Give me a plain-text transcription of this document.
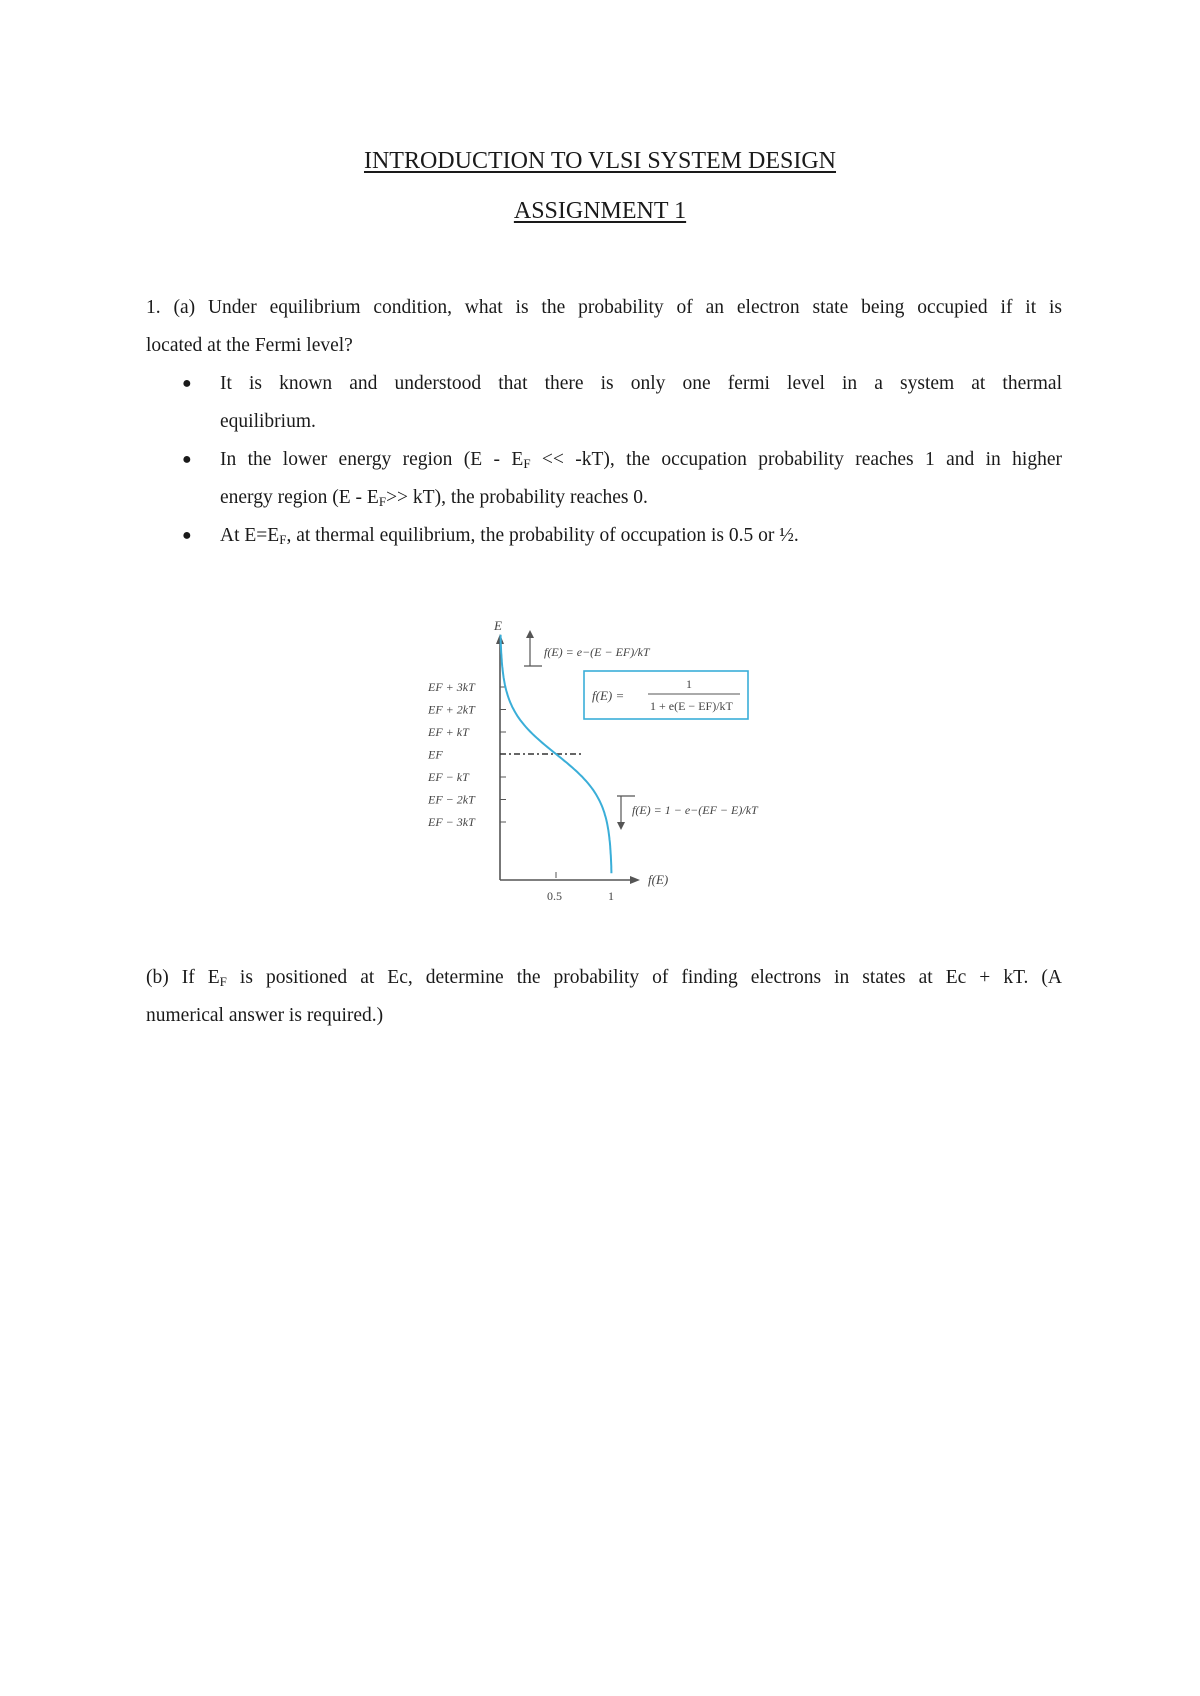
INTRODUCTION TO VLSI SYSTEM DESIGN
ASSIGNMENT 1
1. (a) Under equilibrium condition, what is the probability of an electron state being occupied if it is
located at the Fermi level?
● It is known and understood that there is only one fermi level in a system at thermal
equilibrium.
● In the lower energy region $(E - E_F << -kT)$, the occupation probability reaches 1 and in higher
energy region $(E - E_F>> kT)$, the probability reaches 0.
● At $E=E_F$, at thermal equilibrium, the probability of occupation is 0.5 or ½.
E
f(E)
EF + 3kT
EF + 2kT
EF + kT
EF
EF − kT
EF − 2kT
EF − 3kT
0.5	1
f(E) = e−(E − EF)/kT
f(E) =
1
1 + e(E − EF)/kT
f(E) = 1 − e−(EF − E)/kT
(b) If $E_F$ is positioned at Ec, determine the probability of finding electrons in states at Ec + kT. (A
numerical answer is required.)
